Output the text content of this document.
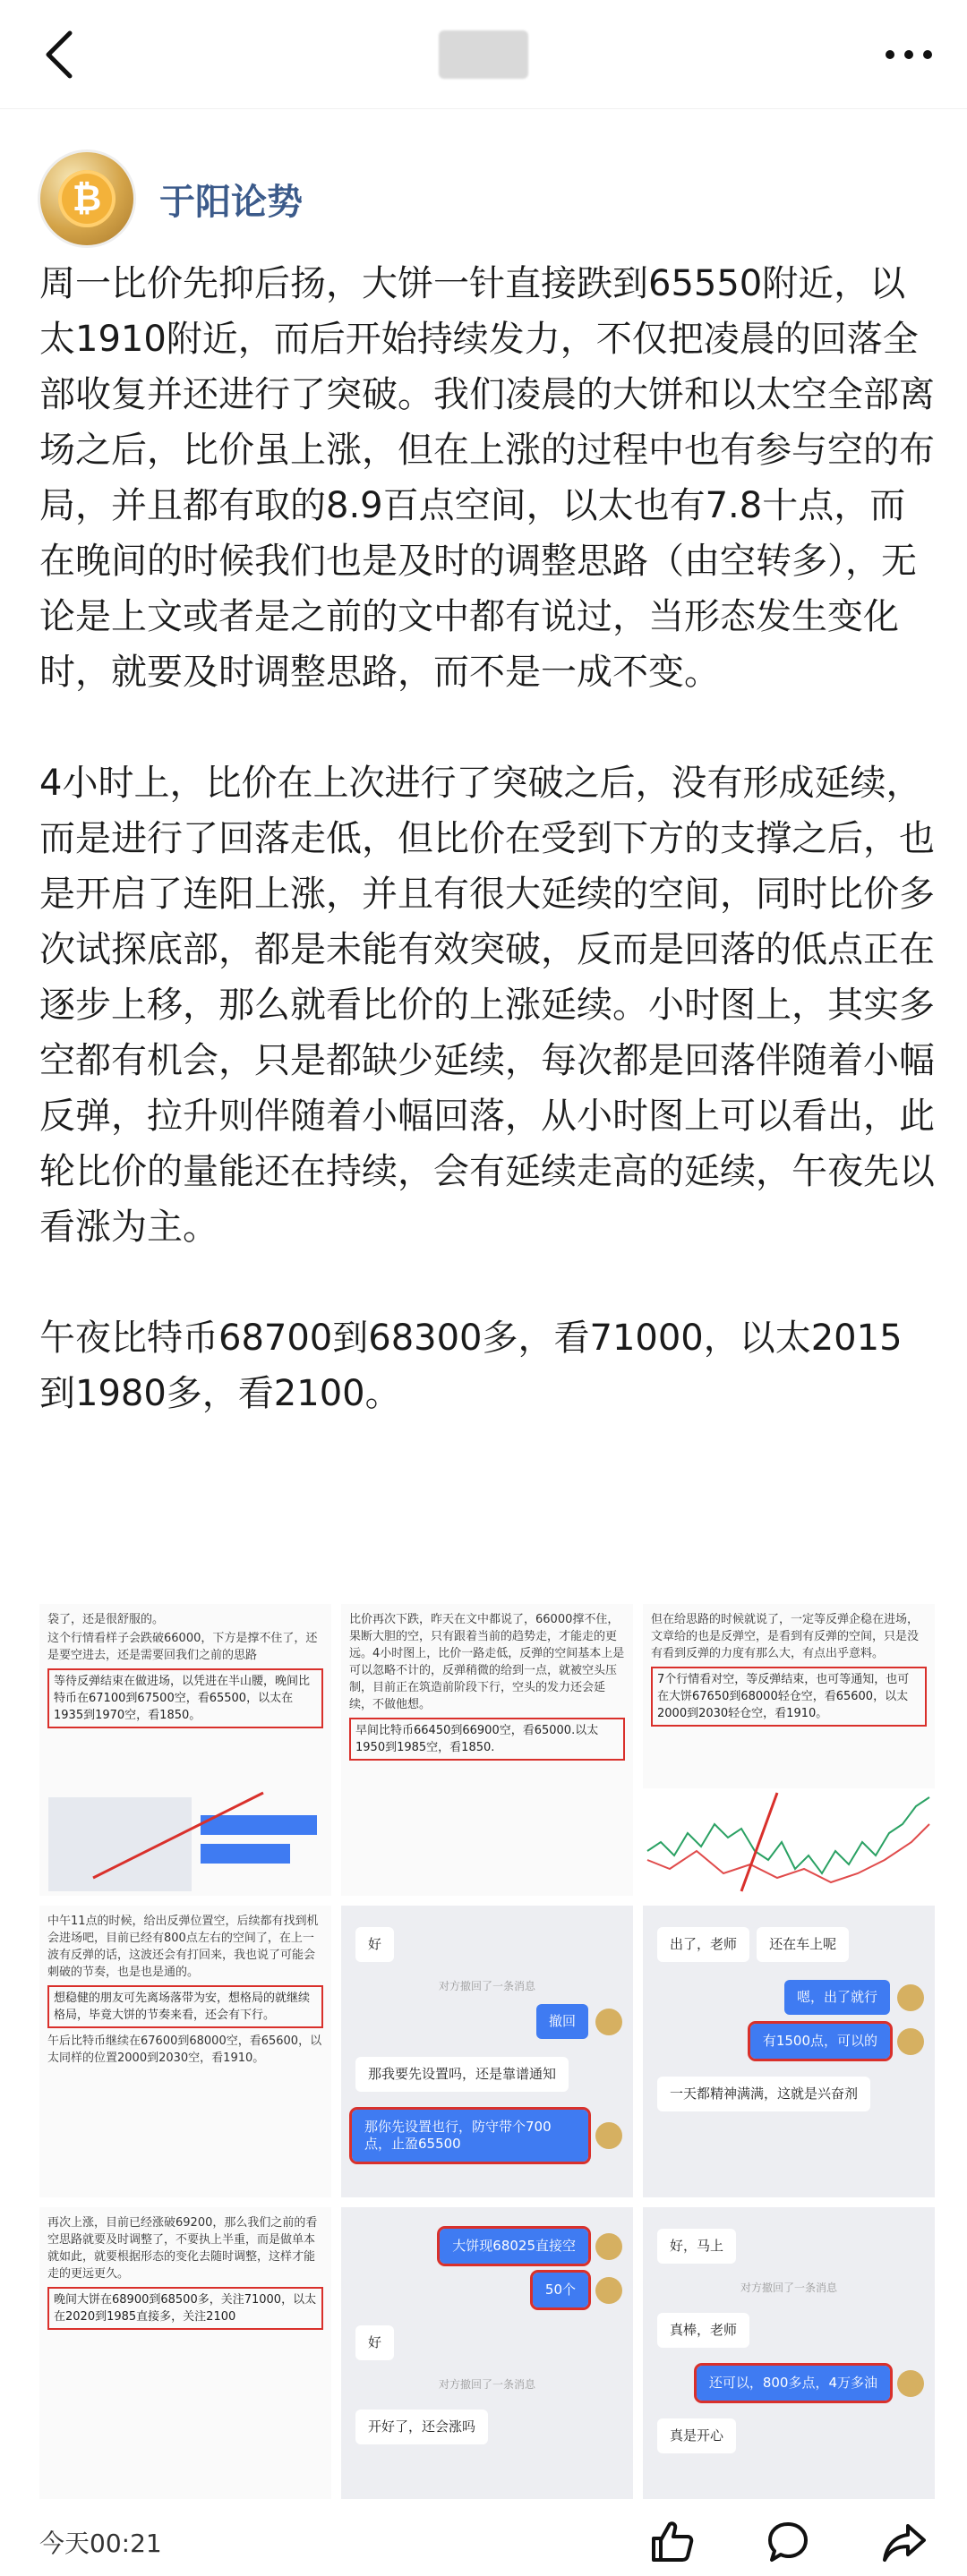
₿	于阳论势

周一比价先抑后扬，大饼一针直接跌到65550附近，以太1910附近，而后开始持续发力，不仅把凌晨的回落全部收复并还进行了突破。我们凌晨的大饼和以太空全部离场之后，比价虽上涨，但在上涨的过程中也有参与空的布局，并且都有取的8.9百点空间，以太也有7.8十点，而在晚间的时候我们也是及时的调整思路（由空转多），无论是上文或者是之前的文中都有说过，当形态发生变化时，就要及时调整思路，而不是一成不变。

4小时上，比价在上次进行了突破之后，没有形成延续，而是进行了回落走低，但比价在受到下方的支撑之后，也是开启了连阳上涨，并且有很大延续的空间，同时比价多次试探底部，都是未能有效突破，反而是回落的低点正在逐步上移，那么就看比价的上涨延续。小时图上，其实多空都有机会，只是都缺少延续，每次都是回落伴随着小幅反弹，拉升则伴随着小幅回落，从小时图上可以看出，此轮比价的量能还在持续，会有延续走高的延续，午夜先以看涨为主。

午夜比特币68700到68300多，看71000，以太2015到1980多，看2100。

袋了，还是很舒服的。
这个行情看样子会跌破66000，下方是撑不住了，还是要空进去，还是需要回我们之前的思路
等待反弹结束在做进场，以凭进在半山腰，晚间比特币在67100到67500空，看65500，以太在1935到1970空，看1850。
比价再次下跌，昨天在文中都说了，66000撑不住，果断大胆的空，只有跟着当前的趋势走，才能走的更远。4小时图上，比价一路走低，反弹的空间基本上是可以忽略不计的，反弹稍微的给到一点，就被空头压制，目前正在筑造前阶段下行，空头的发力还会延续，不做他想。
早间比特币66450到66900空，看65000.以太1950到1985空，看1850.
但在给思路的时候就说了，一定等反弹企稳在进场，文章给的也是反弹空，是看到有反弹的空间，只是没有看到反弹的力度有那么大，有点出乎意料。
7个行情看对空，等反弹结束，也可等通知，也可在大饼67650到68000轻仓空，看65600，以太2000到2030轻仓空，看1910。
中午11点的时候，给出反弹位置空，后续都有找到机会进场吧，目前已经有800点左右的空间了，在上一波有反弹的话，这波还会有打回来，我也说了可能会刺破的节奏，也是也是通的。
想稳健的朋友可先离场落带为安，想格局的就继续格局，毕竟大饼的节奏来看，还会有下行。
午后比特币继续在67600到68000空，看65600，以太同样的位置2000到2030空，看1910。
好
对方撤回了一条消息
撤回
那我要先设置吗，还是靠谱通知
那你先设置也行，防守带个700点，止盈65500
出了，老师 还在车上呢
嗯，出了就行
有1500点，可以的
一天都精神满满，这就是兴奋剂
再次上涨，目前已经涨破69200，那么我们之前的看空思路就要及时调整了，不要执上半重，而是做单本就如此，就要根据形态的变化去随时调整，这样才能走的更远更久。
晚间大饼在68900到68500多，关注71000，以太在2020到1985直接多，关注2100
大饼现68025直接空
50个
好
对方撤回了一条消息
开好了，还会涨吗
好，马上
对方撤回了一条消息
真棒，老师
还可以，800多点，4万多油
真是开心
今天00:21
